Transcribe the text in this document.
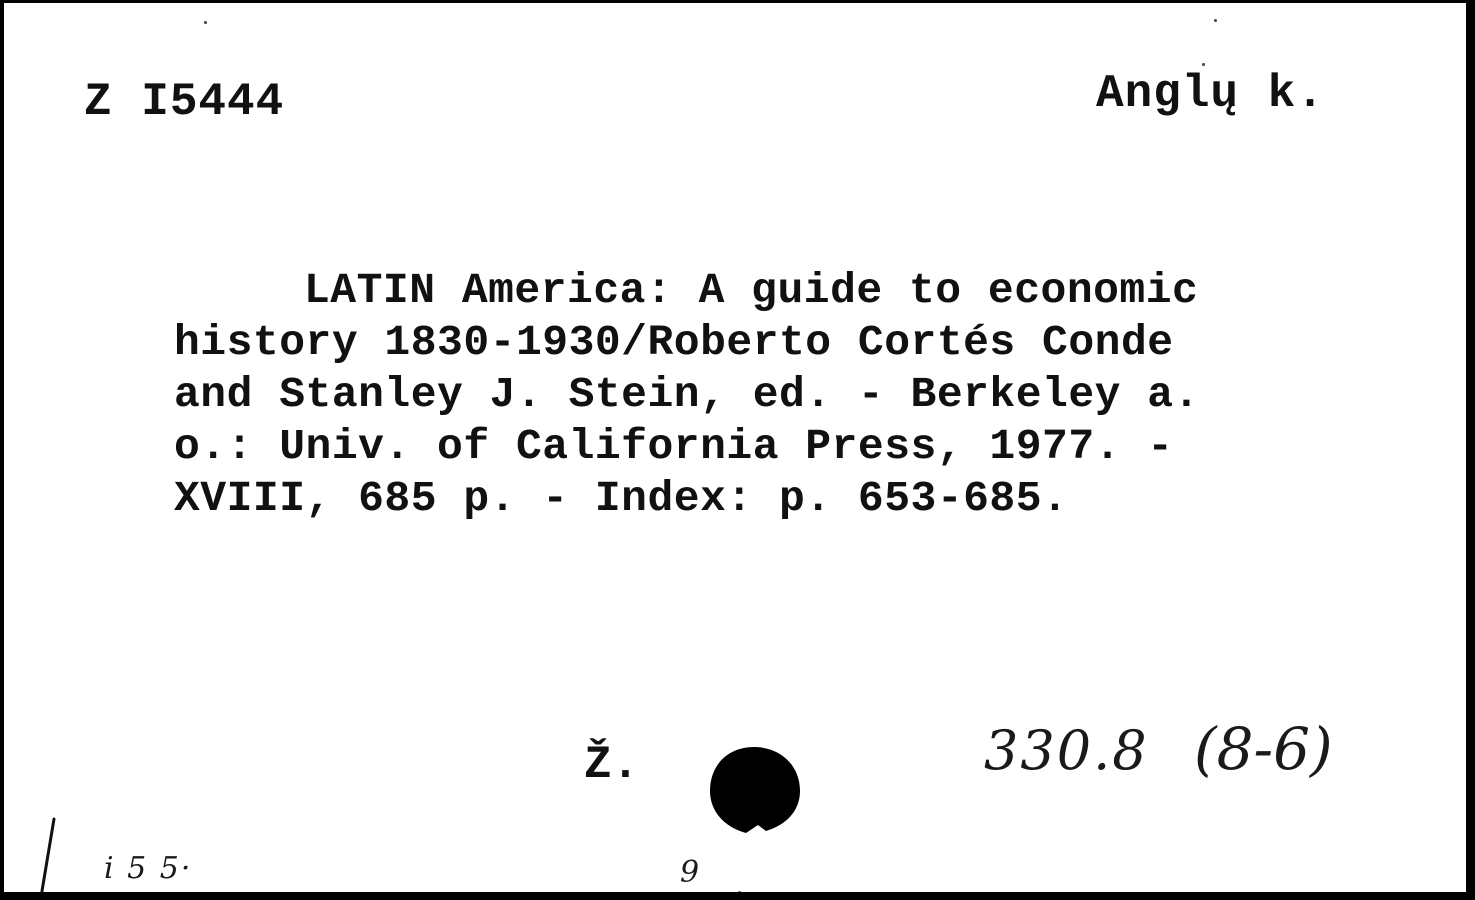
Z I5444	Anglų k.
LATIN America: A guide to economic
history 1830-1930/Roberto Cortés Conde
and Stanley J. Stein, ed. - Berkeley a.
o.: Univ. of California Press, 1977. -
XVIII, 685 p. - Index: p. 653-685.
Ž.	330.8 (8-6)
i 5 5·	9
